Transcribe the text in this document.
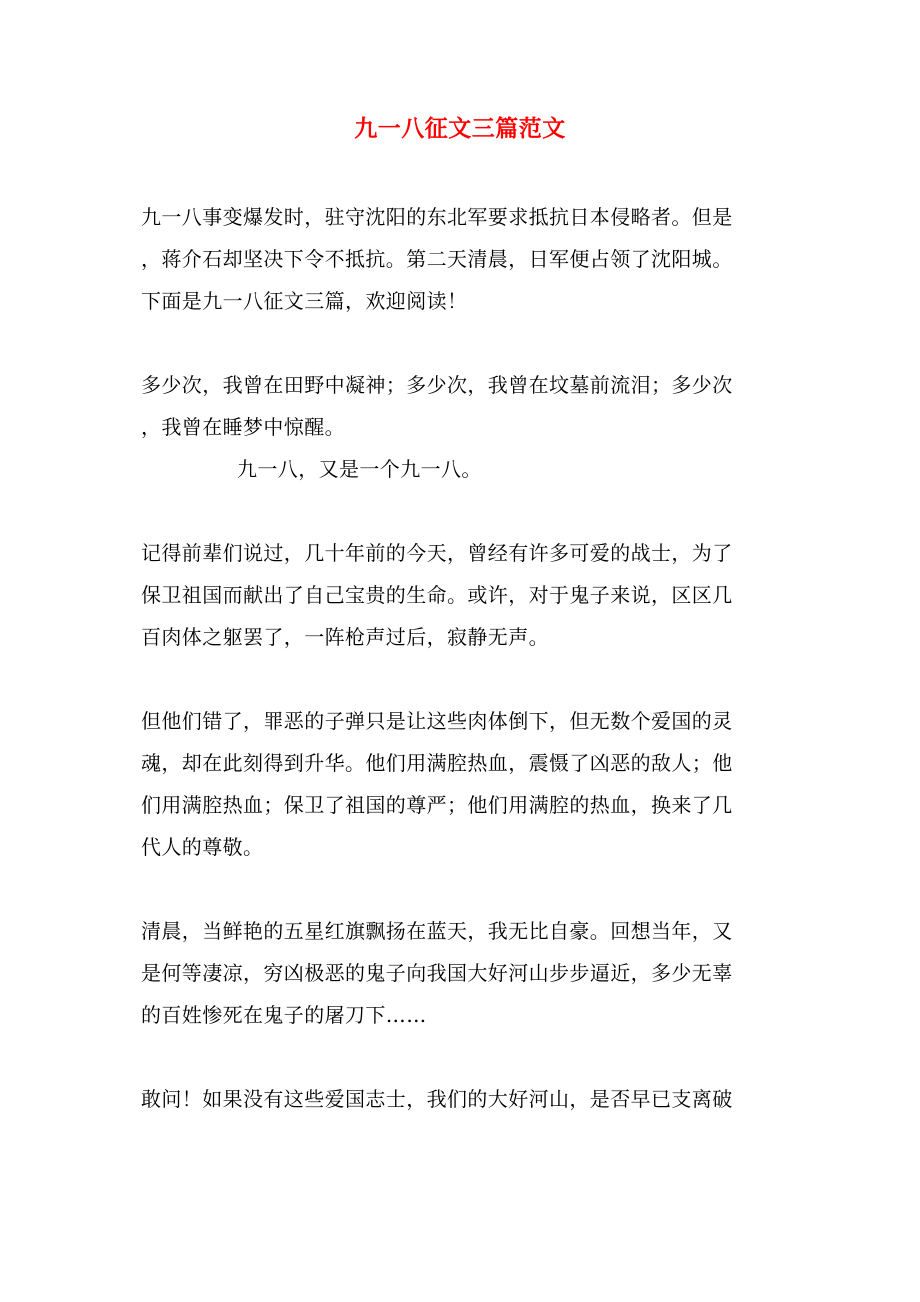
九一八征文三篇范文
九一八事变爆发时，驻守沈阳的东北军要求抵抗日本侵略者。但是
，蒋介石却坚决下令不抵抗。第二天清晨，日军便占领了沈阳城。
下面是九一八征文三篇，欢迎阅读！
多少次，我曾在田野中凝神；多少次，我曾在坟墓前流泪；多少次
，我曾在睡梦中惊醒。
九一八，又是一个九一八。
记得前辈们说过，几十年前的今天，曾经有许多可爱的战士，为了
保卫祖国而献出了自己宝贵的生命。或许，对于鬼子来说，区区几
百肉体之躯罢了，一阵枪声过后，寂静无声。
但他们错了，罪恶的子弹只是让这些肉体倒下，但无数个爱国的灵
魂，却在此刻得到升华。他们用满腔热血，震慑了凶恶的敌人；他
们用满腔热血；保卫了祖国的尊严；他们用满腔的热血，换来了几
代人的尊敬。
清晨，当鲜艳的五星红旗飘扬在蓝天，我无比自豪。回想当年，又
是何等凄凉，穷凶极恶的鬼子向我国大好河山步步逼近，多少无辜
的百姓惨死在鬼子的屠刀下……
敢问！如果没有这些爱国志士，我们的大好河山，是否早已支离破
